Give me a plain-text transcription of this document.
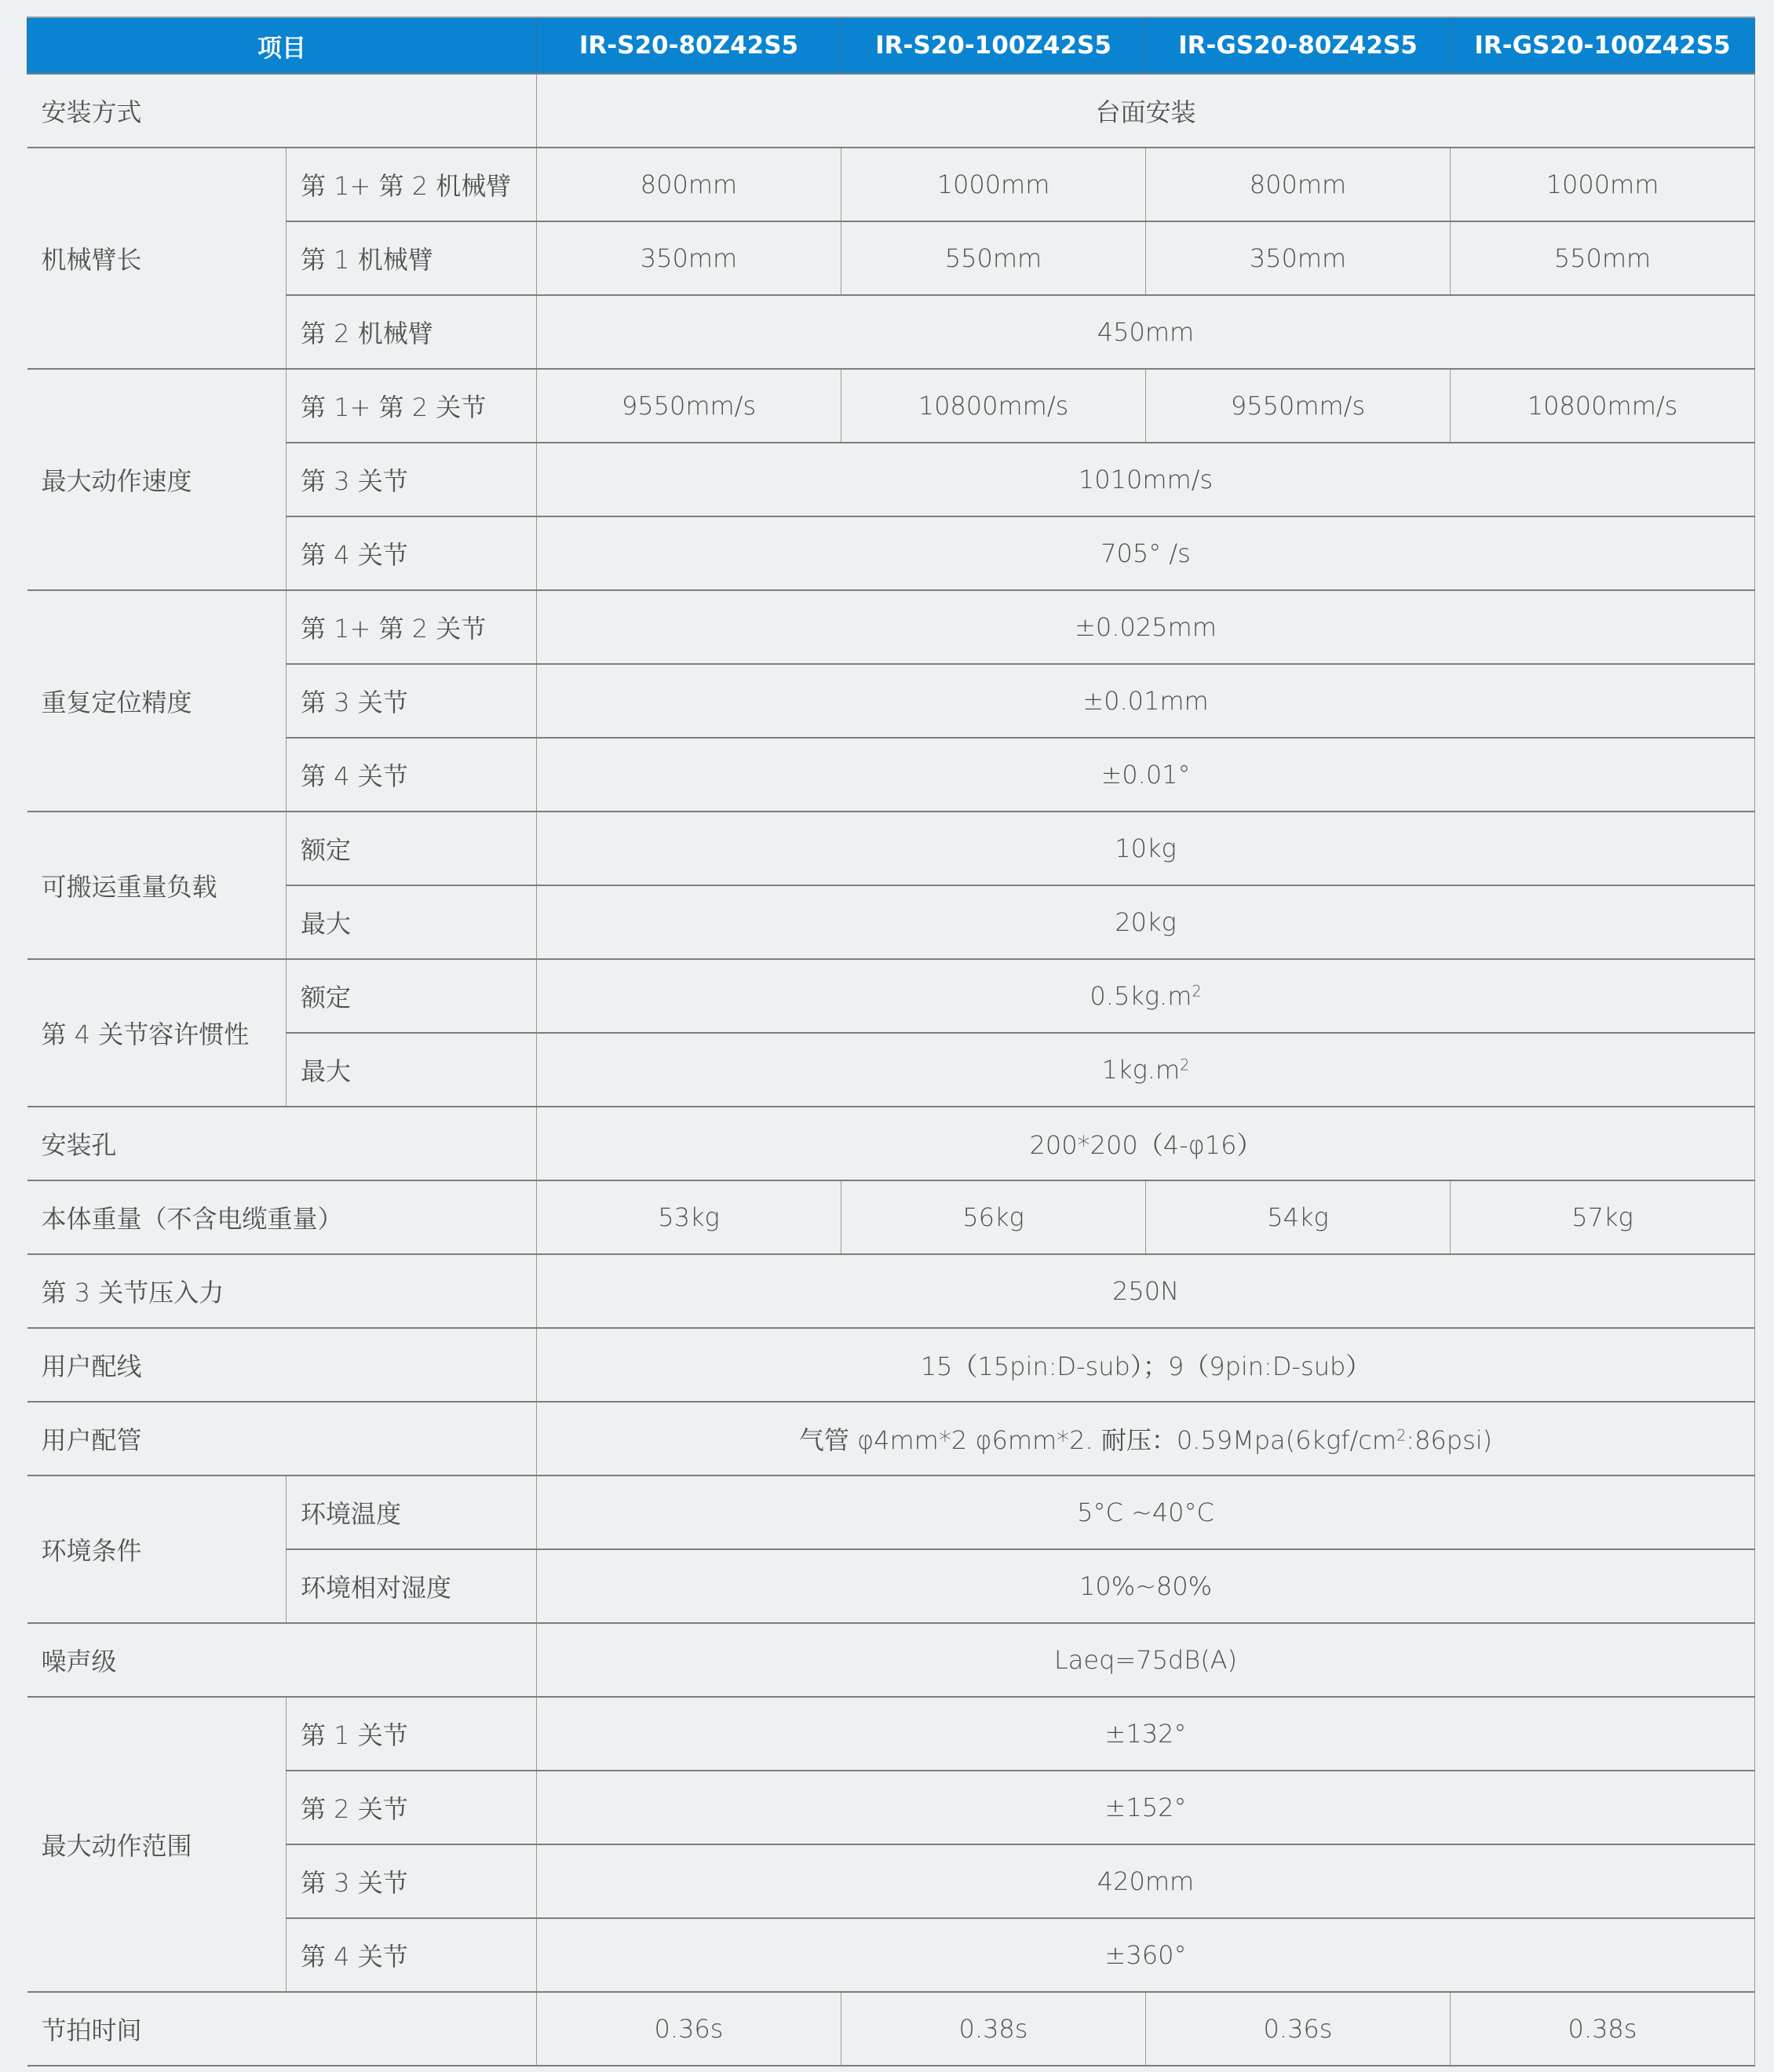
项目		IR-S20-80Z42S5	IR-S20-100Z42S5	IR-GS20-80Z42S5	IR-GS20-100Z42S5
安装方式		台面安装			
机械臂长	第 1+ 第 2 机械臂	800mm	1000mm	800mm	1000mm
	第 1 机械臂	350mm	550mm	350mm	550mm
	第 2 机械臂	450mm			
最大动作速度	第 1+ 第 2 关节	9550mm/s	10800mm/s	9550mm/s	10800mm/s
	第 3 关节	1010mm/s			
	第 4 关节	705° /s			
重复定位精度	第 1+ 第 2 关节	±0.025mm			
	第 3 关节	±0.01mm			
	第 4 关节	±0.01°			
可搬运重量负载	额定	10kg			
	最大	20kg			
第 4 关节容许惯性	额定	$0.5kg.m^2$
	最大	$1kg.m^2$
安装孔		200*200（4-φ16）			
本体重量（不含电缆重量）		53kg	56kg	54kg	57kg
第 3 关节压入力		250N			
用户配线		15（15pin:D-sub）；9（9pin:D-sub）			
用户配管		气管 φ4mm*2 φ6mm*2. 耐压：$0.59Mpa(6kgf/cm^2:86psi)$			
环境条件	环境温度	5°C ~40°C			
	环境相对湿度	10%~80%			
噪声级		Laeq=75dB(A)			
最大动作范围	第 1 关节	±132°			
	第 2 关节	±152°			
	第 3 关节	420mm			
	第 4 关节	±360°			
节拍时间		0.36s	0.38s	0.36s	0.38s
